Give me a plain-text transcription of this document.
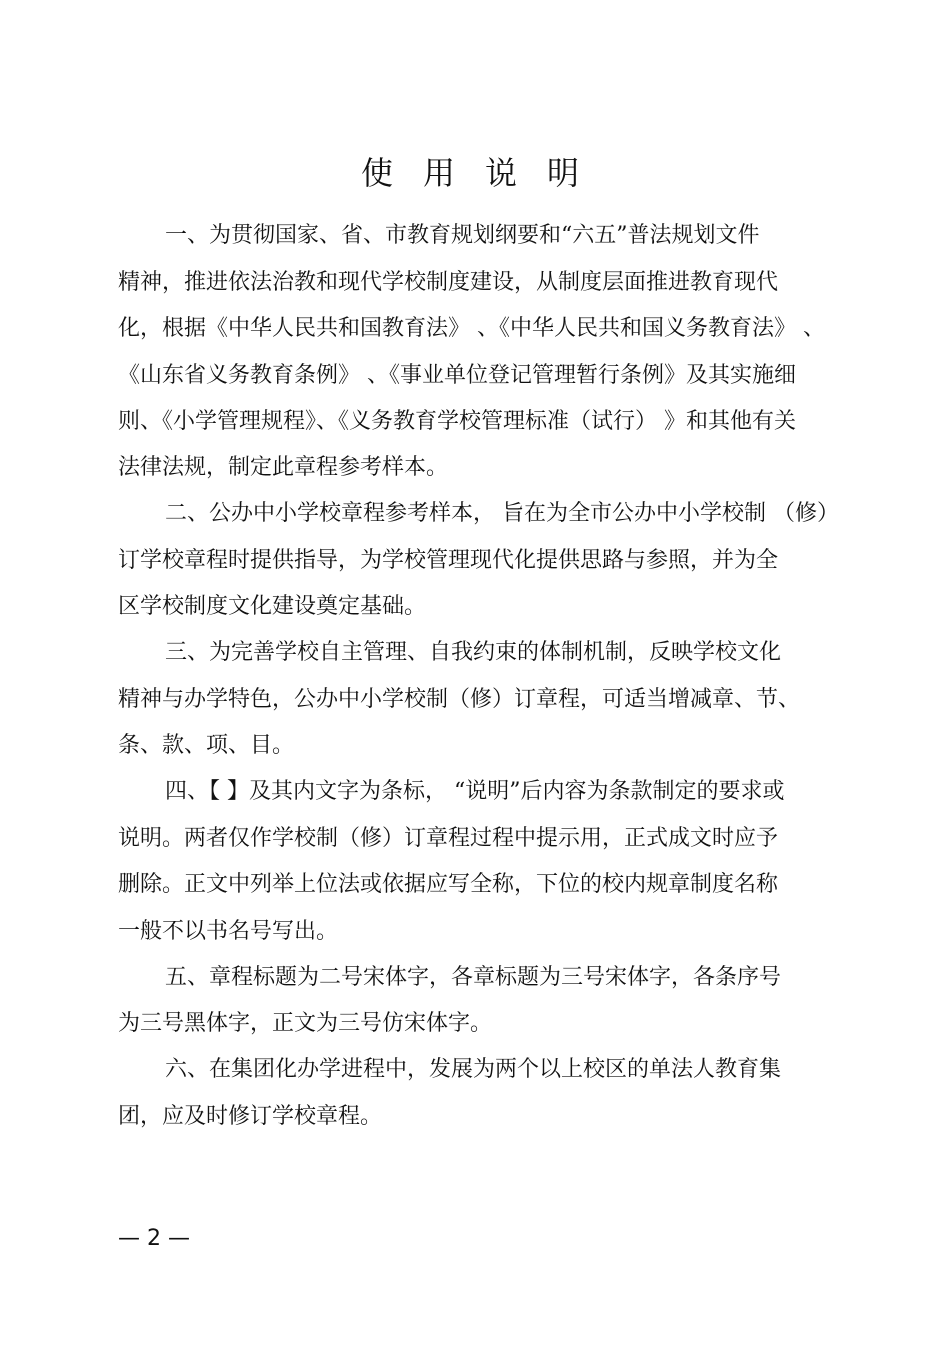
使用说明
一、为贯彻国家、省、市教育规划纲要和“六五”普法规划文件
精神，推进依法治教和现代学校制度建设，从制度层面推进教育现代
化，根据《中华人民共和国教育法》 、《中华人民共和国义务教育法》 、
《山东省义务教育条例》 、《事业单位登记管理暂行条例》及其实施细
则、《小学管理规程》、《义务教育学校管理标准（试行） 》和其他有关
法律法规，制定此章程参考样本。
二、公办中小学校章程参考样本， 旨在为全市公办中小学校制 （修）
订学校章程时提供指导，为学校管理现代化提供思路与参照，并为全
区学校制度文化建设奠定基础。
三、为完善学校自主管理、自我约束的体制机制，反映学校文化
精神与办学特色，公办中小学校制（修）订章程，可适当增减章、节、
条、款、项、目。
四、【 】及其内文字为条标， “说明”后内容为条款制定的要求或
说明。两者仅作学校制（修）订章程过程中提示用，正式成文时应予
删除。正文中列举上位法或依据应写全称，下位的校内规章制度名称
一般不以书名号写出。
五、章程标题为二号宋体字，各章标题为三号宋体字，各条序号
为三号黑体字，正文为三号仿宋体字。
六、在集团化办学进程中，发展为两个以上校区的单法人教育集
团，应及时修订学校章程。
— 2 —
